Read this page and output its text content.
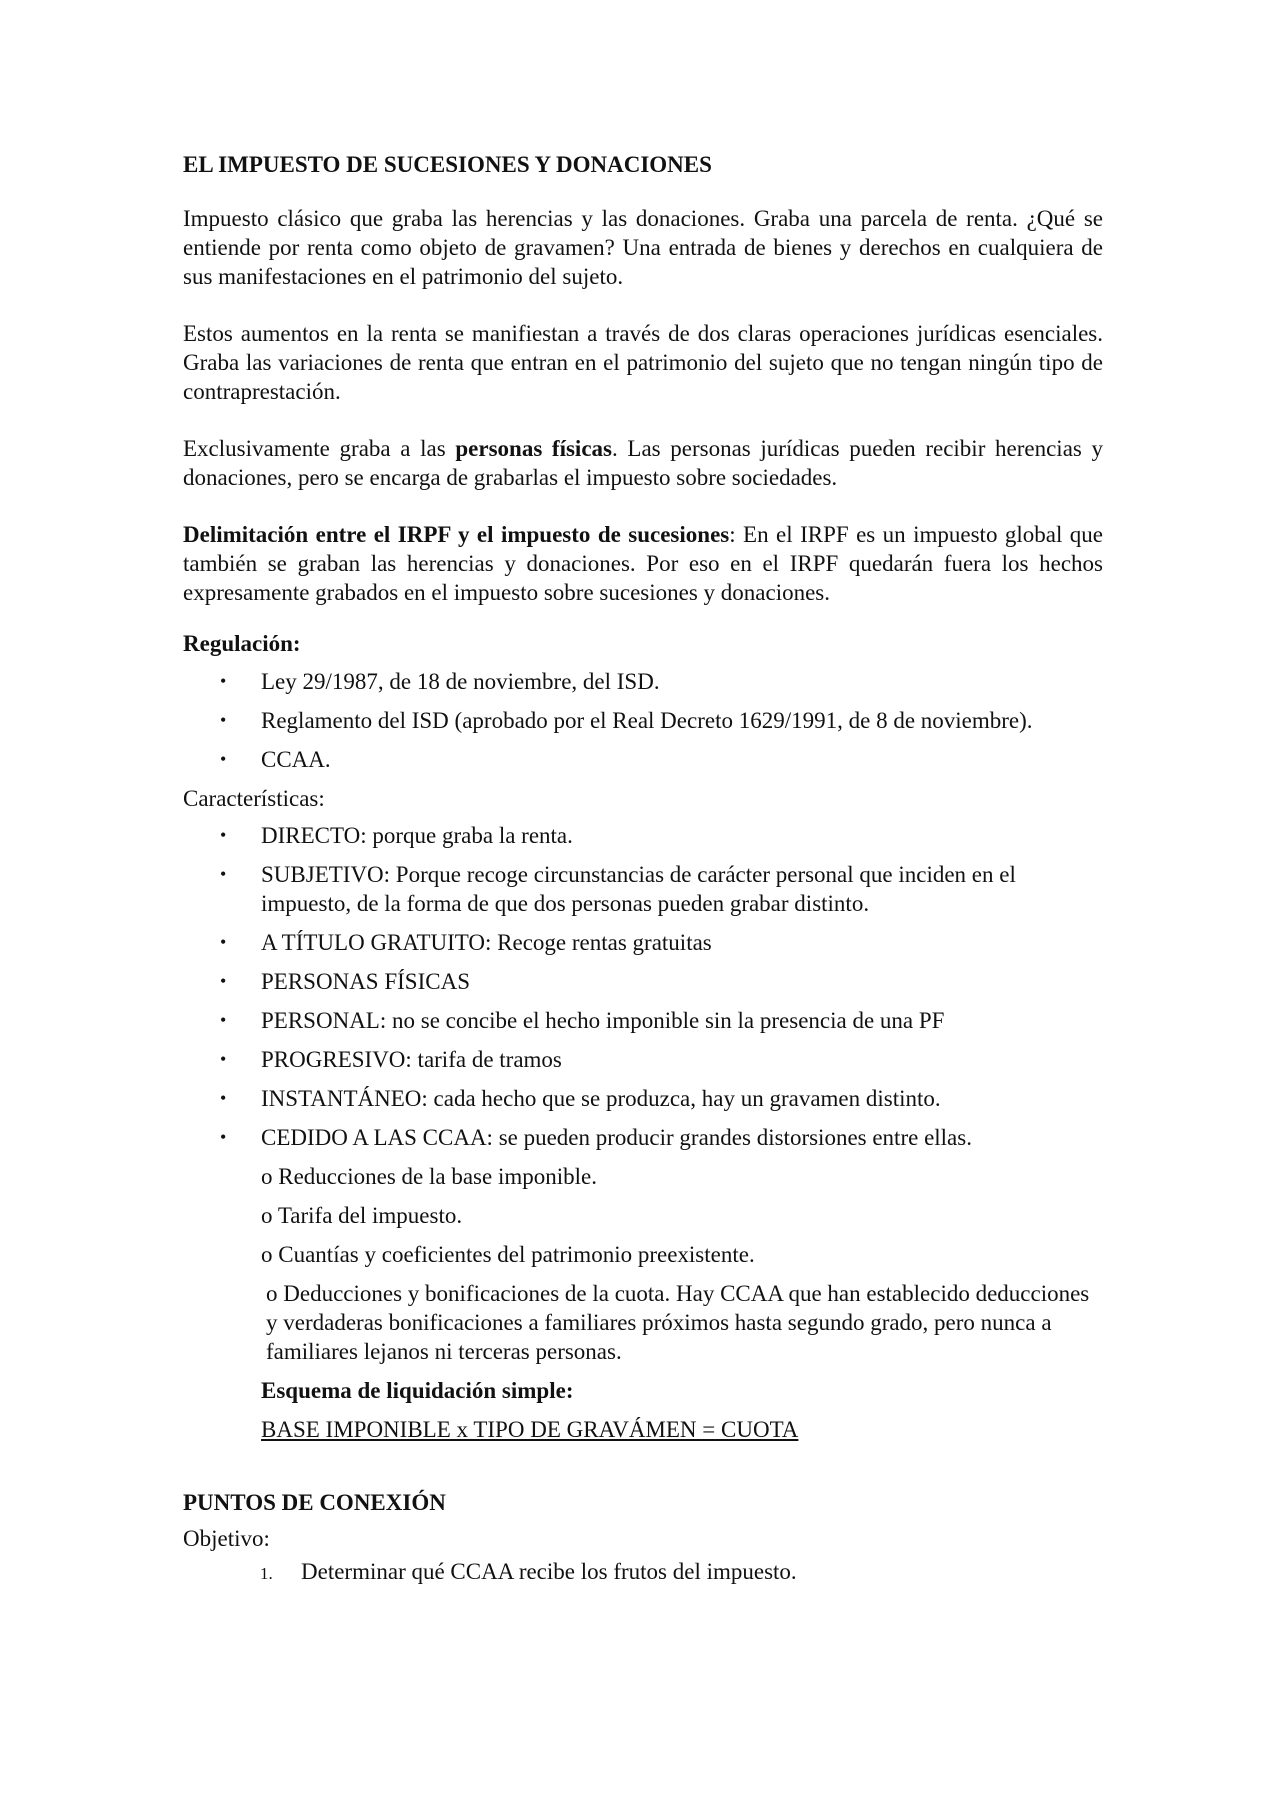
EL IMPUESTO DE SUCESIONES Y DONACIONES

Impuesto clásico que graba las herencias y las donaciones. Graba una parcela de renta. ¿Qué se entiende por renta como objeto de gravamen? Una entrada de bienes y derechos en cualquiera de sus manifestaciones en el patrimonio del sujeto.

Estos aumentos en la renta se manifiestan a través de dos claras operaciones jurídicas esenciales. Graba las variaciones de renta que entran en el patrimonio del sujeto que no tengan ningún tipo de contraprestación.

Exclusivamente graba a las personas físicas. Las personas jurídicas pueden recibir herencias y donaciones, pero se encarga de grabarlas el impuesto sobre sociedades.

Delimitación entre el IRPF y el impuesto de sucesiones: En el IRPF es un impuesto global que también se graban las herencias y donaciones. Por eso en el IRPF quedarán fuera los hechos expresamente grabados en el impuesto sobre sucesiones y donaciones.

Regulación:
• Ley 29/1987, de 18 de noviembre, del ISD.
• Reglamento del ISD (aprobado por el Real Decreto 1629/1991, de 8 de noviembre).
• CCAA.
Características:
• DIRECTO: porque graba la renta.
• SUBJETIVO: Porque recoge circunstancias de carácter personal que inciden en el impuesto, de la forma de que dos personas pueden grabar distinto.
• A TÍTULO GRATUITO: Recoge rentas gratuitas
• PERSONAS FÍSICAS
• PERSONAL: no se concibe el hecho imponible sin la presencia de una PF
• PROGRESIVO: tarifa de tramos
• INSTANTÁNEO: cada hecho que se produzca, hay un gravamen distinto.
• CEDIDO A LAS CCAA: se pueden producir grandes distorsiones entre ellas.
o Reducciones de la base imponible.
o Tarifa del impuesto.
o Cuantías y coeficientes del patrimonio preexistente.
o Deducciones y bonificaciones de la cuota. Hay CCAA que han establecido deducciones y verdaderas bonificaciones a familiares próximos hasta segundo grado, pero nunca a familiares lejanos ni terceras personas.
Esquema de liquidación simple:
BASE IMPONIBLE x TIPO DE GRAVÁMEN = CUOTA
PUNTOS DE CONEXIÓN
Objetivo:
1. Determinar qué CCAA recibe los frutos del impuesto.
